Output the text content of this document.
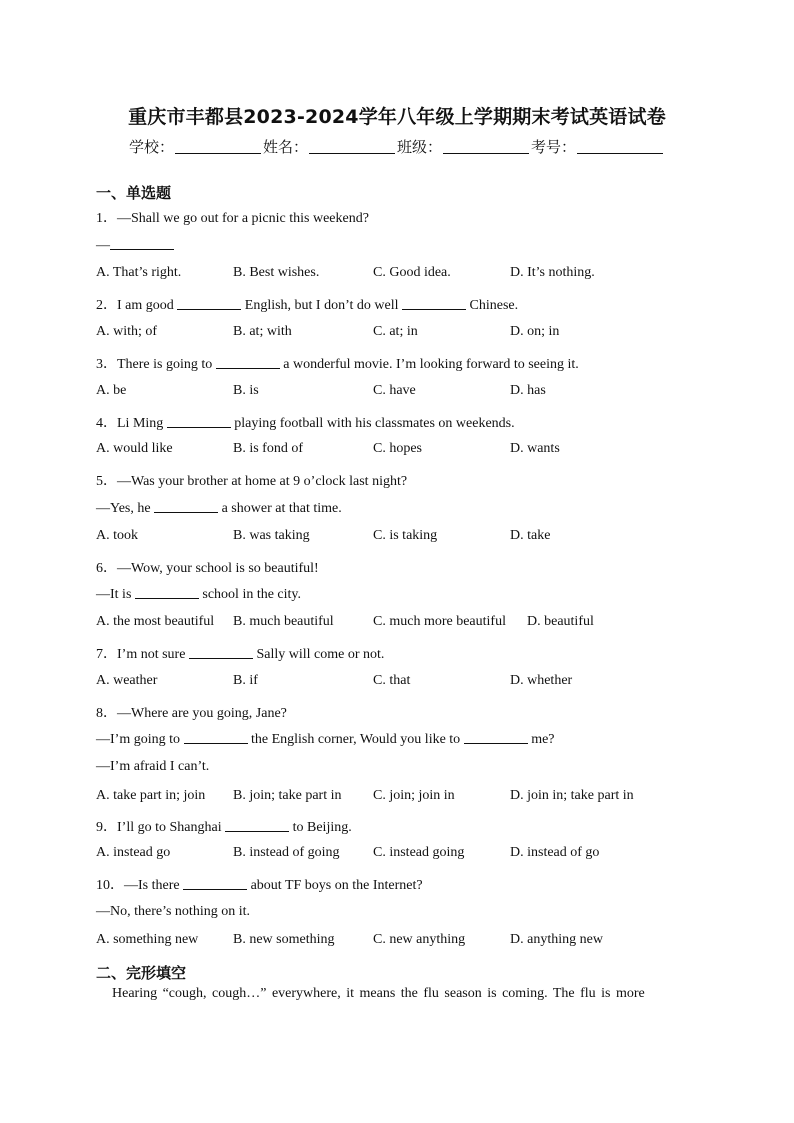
重庆市丰都县2023-2024学年八年级上学期期末考试英语试卷
学校：	姓名：	班级：	考号：
一、单选题
1．—Shall we go out for a picnic this weekend?
—
A. That’s right.	B. Best wishes.	C. Good idea.	D. It’s nothing.
2．I am good	English, but I don’t do well	Chinese.
A. with; of	B. at; with	C. at; in	D. on; in
3．There is going to	a wonderful movie. I’m looking forward to seeing it.
A. be	B. is	C. have	D. has
4．Li Ming	playing football with his classmates on weekends.
A. would like	B. is fond of	C. hopes	D. wants
5．—Was your brother at home at 9 o’clock last night?
—Yes, he	a shower at that time.
A. took	B. was taking	C. is taking	D. take
6．—Wow, your school is so beautiful!
—It is	school in the city.
A. the most beautiful B. much beautiful	C. much more beautiful D. beautiful
7．I’m not sure	Sally will come or not.
A. weather	B. if	C. that	D. whether
8．—Where are you going, Jane?
—I’m going to	the English corner, Would you like to	me?
—I’m afraid I can’t.
A. take part in; join B. join; take part in C. join; join in	D. join in; take part in
9．I’ll go to Shanghai	to Beijing.
A. instead go	B. instead of going C. instead going	D. instead of go
10．—Is there	about TF boys on the Internet?
—No, there’s nothing on it.
A. something new B. new something	C. new anything	D. anything new
二、完形填空
Hearing “cough, cough…” everywhere, it means the flu season is coming. The flu is more
